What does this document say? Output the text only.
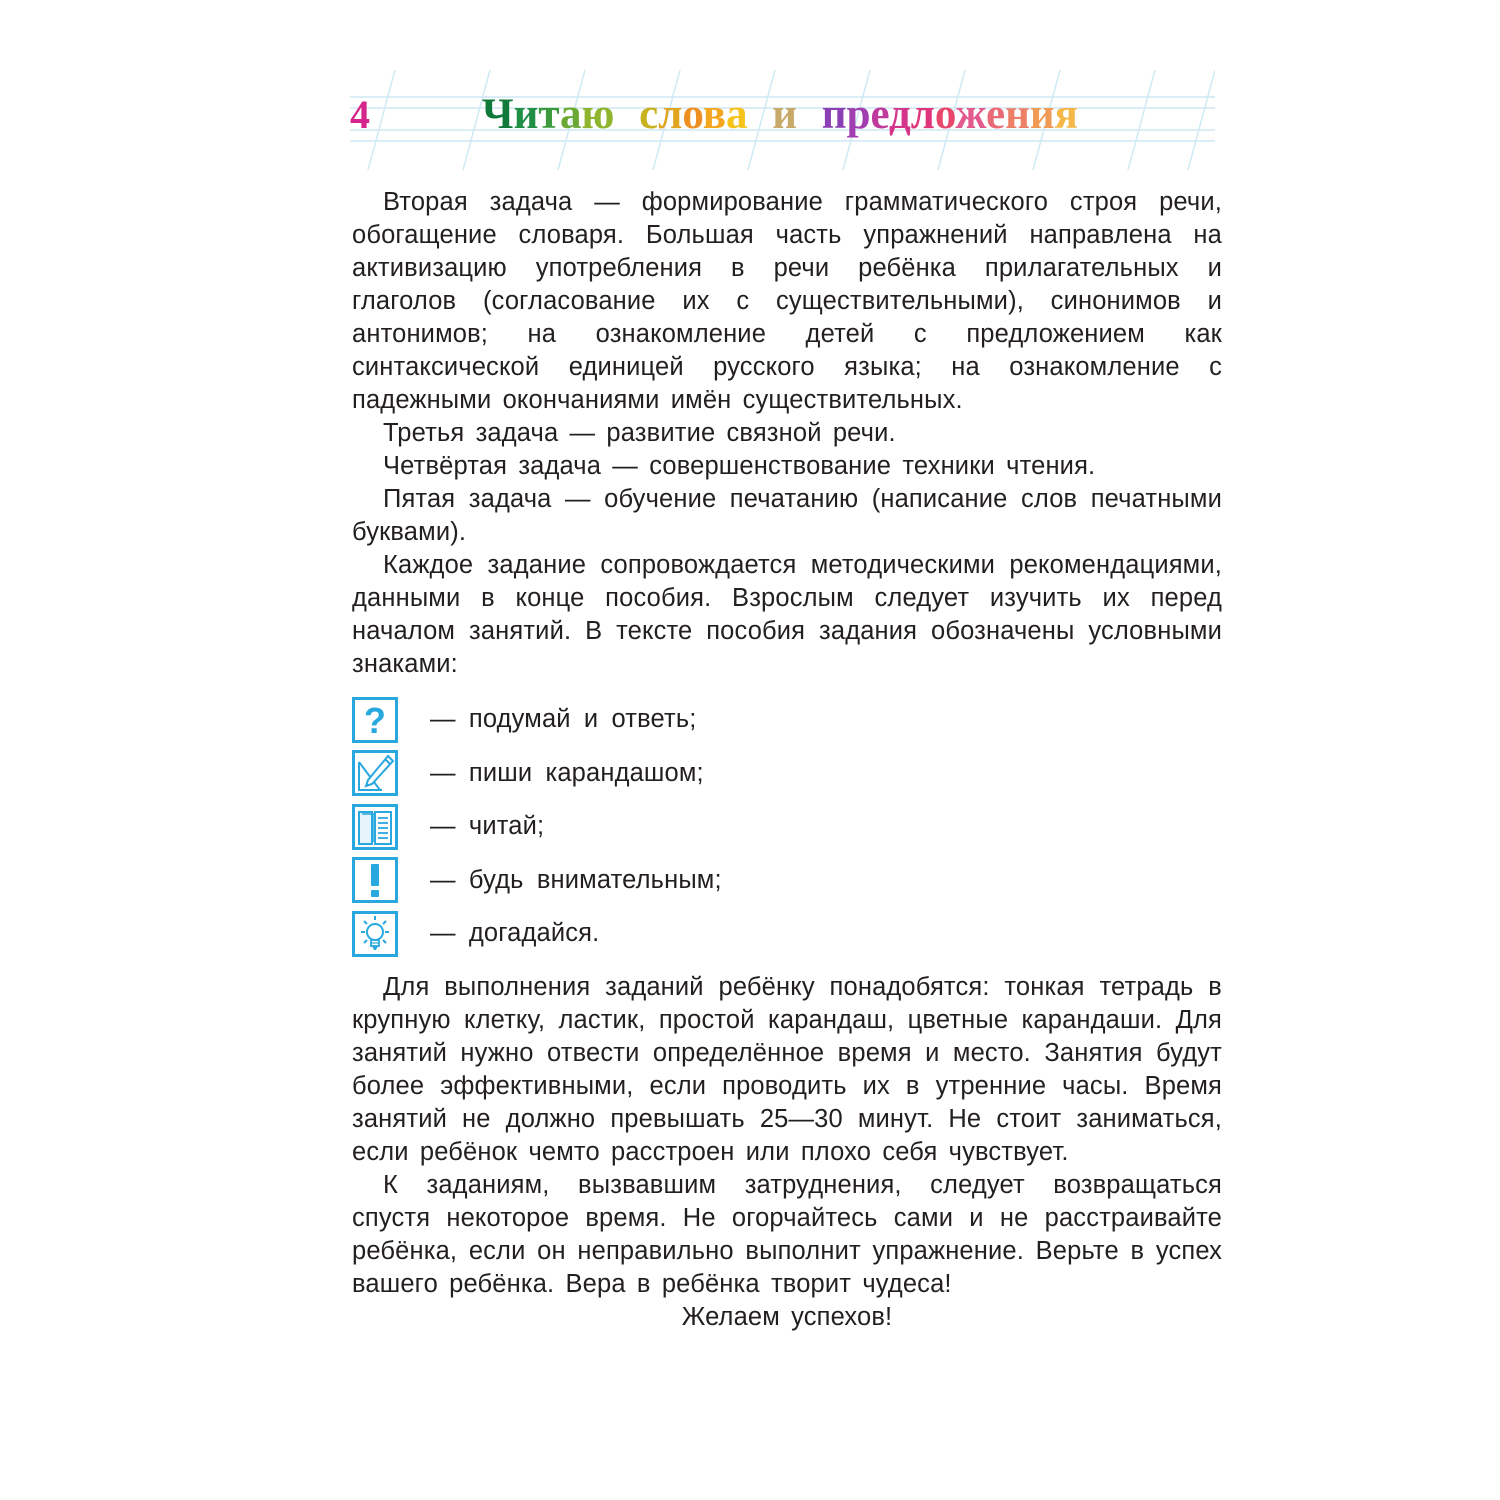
4	Читаю слова и предложения

Вторая задача — формирование грамматического строя речи, обогащение словаря. Большая часть упражнений направлена на активизацию употребления в речи ребёнка прилагательных и глаголов (согласование их с существительными), синонимов и антонимов; на ознакомление детей с предложением как синтаксической единицей русского языка; на ознакомление с падежными окончаниями имён существительных.

Третья задача — развитие связной речи.

Четвёртая задача — совершенствование техники чтения.

Пятая задача — обучение печатанию (написание слов печатными буквами).

Каждое задание сопровождается методическими рекомендациями, данными в конце пособия. Взрослым следует изучить их перед началом занятий. В тексте пособия задания обозначены условными знаками:

? — подумай и ответь;
— пиши карандашом;
— читай;
— будь внимательным;
— догадайся.

Для выполнения заданий ребёнку понадобятся: тонкая тетрадь в крупную клетку, ластик, простой карандаш, цветные карандаши. Для занятий нужно отвести определённое время и место. Занятия будут более эффективными, если проводить их в утренние часы. Время занятий не должно превышать 25—30 минут. Не стоит заниматься, если ребёнок чемто расстроен или плохо себя чувствует.

К заданиям, вызвавшим затруднения, следует возвращаться спустя некоторое время. Не огорчайтесь сами и не расстраивайте ребёнка, если он неправильно выполнит упражнение. Верьте в успех вашего ребёнка. Вера в ребёнка творит чудеса!

Желаем успехов!
